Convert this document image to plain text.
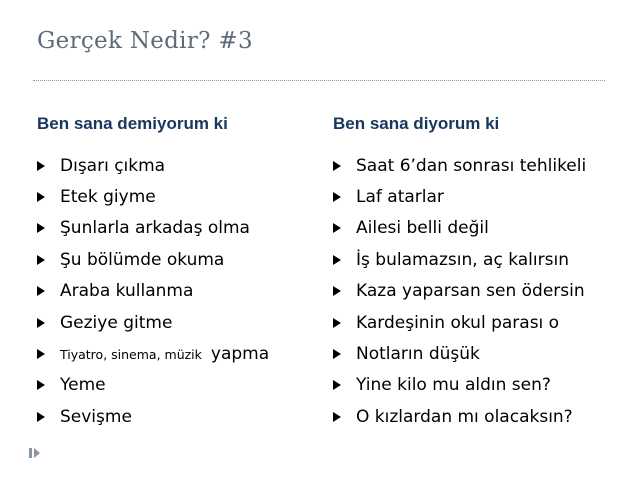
Gerçek Nedir? #3
Ben sana demiyorum ki	Ben sana diyorum ki
Dışarı çıkma
Etek giyme
Şunlarla arkadaş olma
Şu bölümde okuma
Araba kullanma
Geziye gitme
Tiyatro, sinema, müzik yapma
Yeme
Sevişme
Saat 6’dan sonrası tehlikeli
Laf atarlar
Ailesi belli değil
İş bulamazsın, aç kalırsın
Kaza yaparsan sen ödersin
Kardeşinin okul parası o
Notların düşük
Yine kilo mu aldın sen?
O kızlardan mı olacaksın?
